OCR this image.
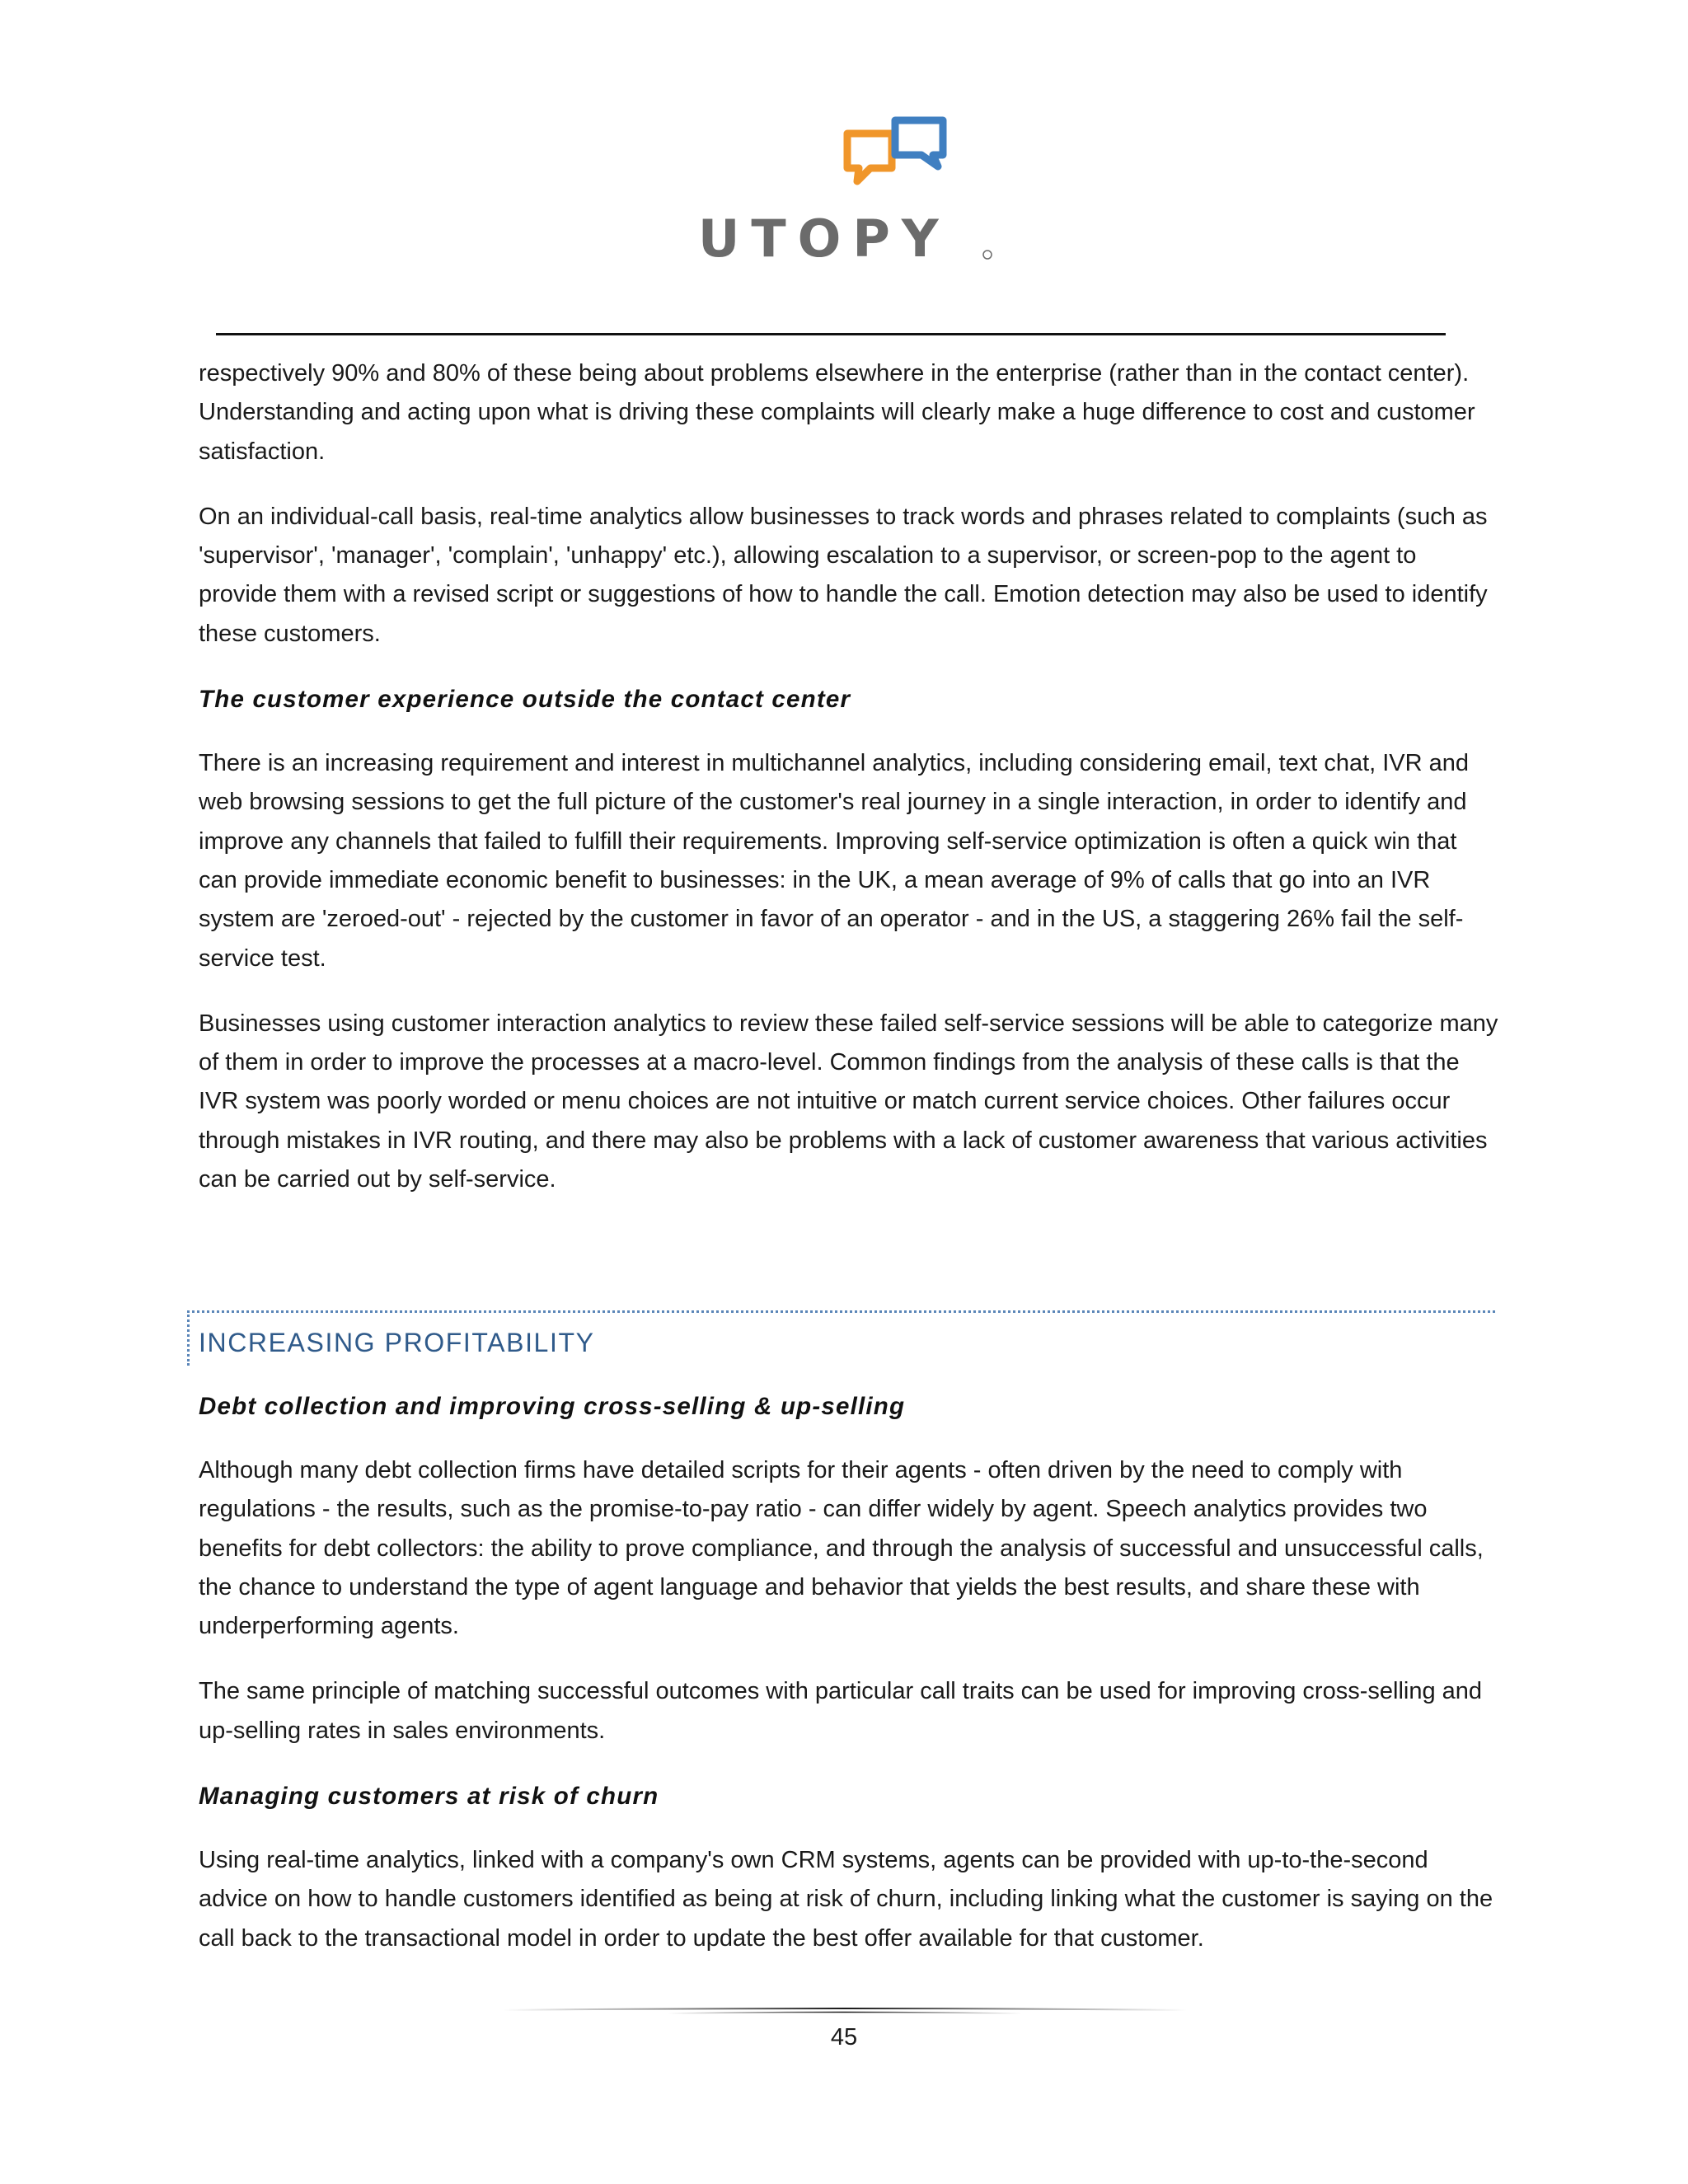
UTOPY

respectively 90% and 80% of these being about problems elsewhere in the enterprise (rather than in the contact center). Understanding and acting upon what is driving these complaints will clearly make a huge difference to cost and customer satisfaction.

On an individual-call basis, real-time analytics allow businesses to track words and phrases related to complaints (such as 'supervisor', 'manager', 'complain', 'unhappy' etc.), allowing escalation to a supervisor, or screen-pop to the agent to provide them with a revised script or suggestions of how to handle the call. Emotion detection may also be used to identify these customers.

The customer experience outside the contact center

There is an increasing requirement and interest in multichannel analytics, including considering email, text chat, IVR and web browsing sessions to get the full picture of the customer's real journey in a single interaction, in order to identify and improve any channels that failed to fulfill their requirements. Improving self-service optimization is often a quick win that can provide immediate economic benefit to businesses: in the UK, a mean average of 9% of calls that go into an IVR system are 'zeroed-out' - rejected by the customer in favor of an operator - and in the US, a staggering 26% fail the self-service test.

Businesses using customer interaction analytics to review these failed self-service sessions will be able to categorize many of them in order to improve the processes at a macro-level. Common findings from the analysis of these calls is that the IVR system was poorly worded or menu choices are not intuitive or match current service choices. Other failures occur through mistakes in IVR routing, and there may also be problems with a lack of customer awareness that various activities can be carried out by self-service.

INCREASING PROFITABILITY

Debt collection and improving cross-selling & up-selling

Although many debt collection firms have detailed scripts for their agents - often driven by the need to comply with regulations - the results, such as the promise-to-pay ratio - can differ widely by agent. Speech analytics provides two benefits for debt collectors: the ability to prove compliance, and through the analysis of successful and unsuccessful calls, the chance to understand the type of agent language and behavior that yields the best results, and share these with underperforming agents.

The same principle of matching successful outcomes with particular call traits can be used for improving cross-selling and up-selling rates in sales environments.

Managing customers at risk of churn

Using real-time analytics, linked with a company's own CRM systems, agents can be provided with up-to-the-second advice on how to handle customers identified as being at risk of churn, including linking what the customer is saying on the call back to the transactional model in order to update the best offer available for that customer.

45
